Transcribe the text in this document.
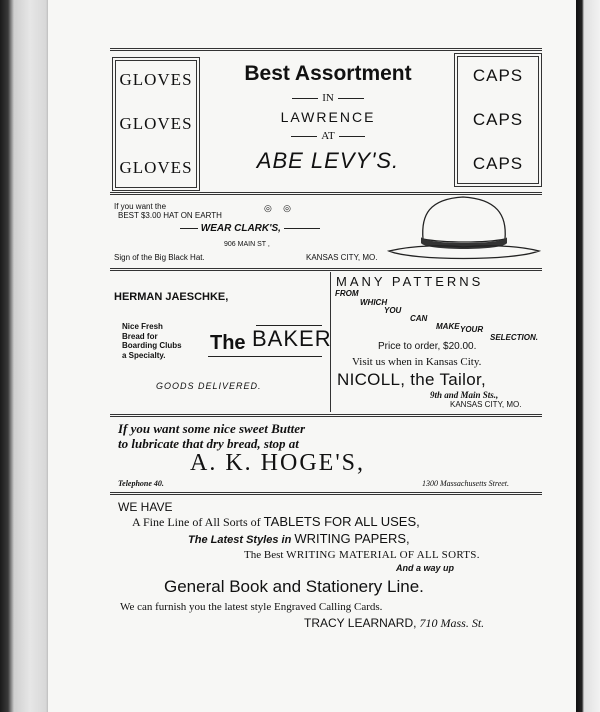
GLOVES
GLOVES
GLOVES
Best Assortment
IN
LAWRENCE
AT
ABE LEVY'S.
CAPS
CAPS
CAPS
If you want the
BEST $3.00 HAT ON EARTH
◎     ◎
WEAR CLARK'S,
906 MAIN ST ,
Sign of the Big Black Hat.	KANSAS CITY, MO.
HERMAN JAESCHKE,
Nice Fresh
Bread for
Boarding Clubs
a Specialty.
The BAKER
GOODS DELIVERED.
MANY PATTERNS
FROM
WHICH
YOU
CAN
MAKE YOUR
SELECTION.
Price to order, $20.00.
Visit us when in Kansas City.
NICOLL, the Tailor,
9th and Main Sts.,
KANSAS CITY, MO.
If you want some nice sweet Butter
to lubricate that dry bread, stop at
A. K. HOGE'S,
Telephone 40.	1300 Massachusetts Street.
WE HAVE
A Fine Line of All Sorts of TABLETS FOR ALL USES,
The Latest Styles in WRITING PAPERS,
The Best WRITING MATERIAL OF ALL SORTS.
And a way up
General Book and Stationery Line.
We can furnish you the latest style Engraved Calling Cards.
TRACY LEARNARD, 710 Mass. St.
